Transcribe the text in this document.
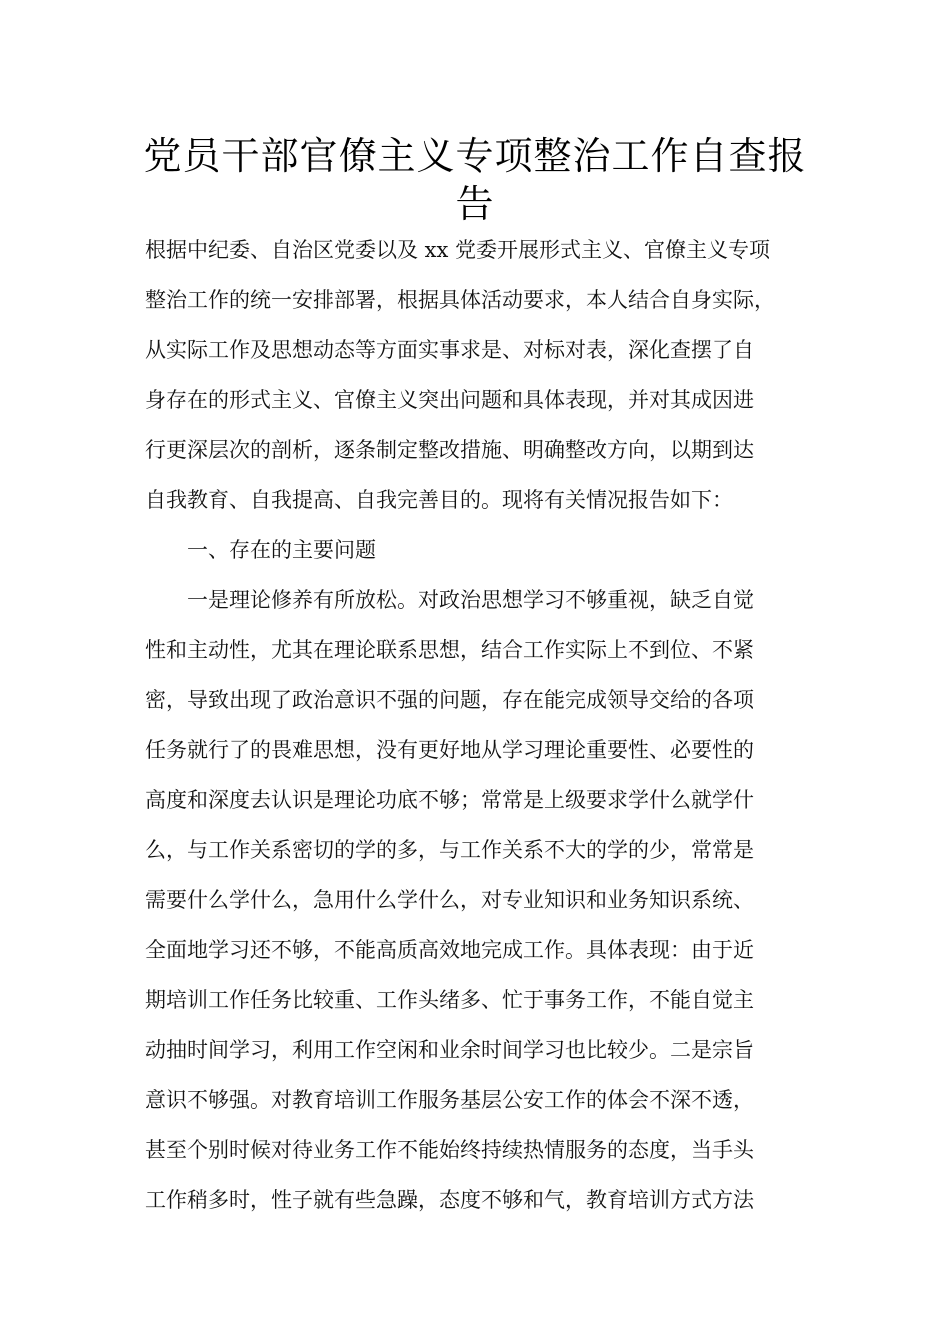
党员干部官僚主义专项整治工作自查报
告
根据中纪委、自治区党委以及 xx 党委开展形式主义、官僚主义专项
整治工作的统一安排部署，根据具体活动要求，本人结合自身实际，
从实际工作及思想动态等方面实事求是、对标对表，深化查摆了自
身存在的形式主义、官僚主义突出问题和具体表现，并对其成因进
行更深层次的剖析，逐条制定整改措施、明确整改方向，以期到达
自我教育、自我提高、自我完善目的。现将有关情况报告如下：
一、存在的主要问题
一是理论修养有所放松。对政治思想学习不够重视，缺乏自觉
性和主动性，尤其在理论联系思想，结合工作实际上不到位、不紧
密，导致出现了政治意识不强的问题，存在能完成领导交给的各项
任务就行了的畏难思想，没有更好地从学习理论重要性、必要性的
高度和深度去认识是理论功底不够；常常是上级要求学什么就学什
么，与工作关系密切的学的多，与工作关系不大的学的少，常常是
需要什么学什么，急用什么学什么，对专业知识和业务知识系统、
全面地学习还不够，不能高质高效地完成工作。具体表现：由于近
期培训工作任务比较重、工作头绪多、忙于事务工作，不能自觉主
动抽时间学习，利用工作空闲和业余时间学习也比较少。二是宗旨
意识不够强。对教育培训工作服务基层公安工作的体会不深不透，
甚至个别时候对待业务工作不能始终持续热情服务的态度，当手头
工作稍多时，性子就有些急躁，态度不够和气，教育培训方式方法
